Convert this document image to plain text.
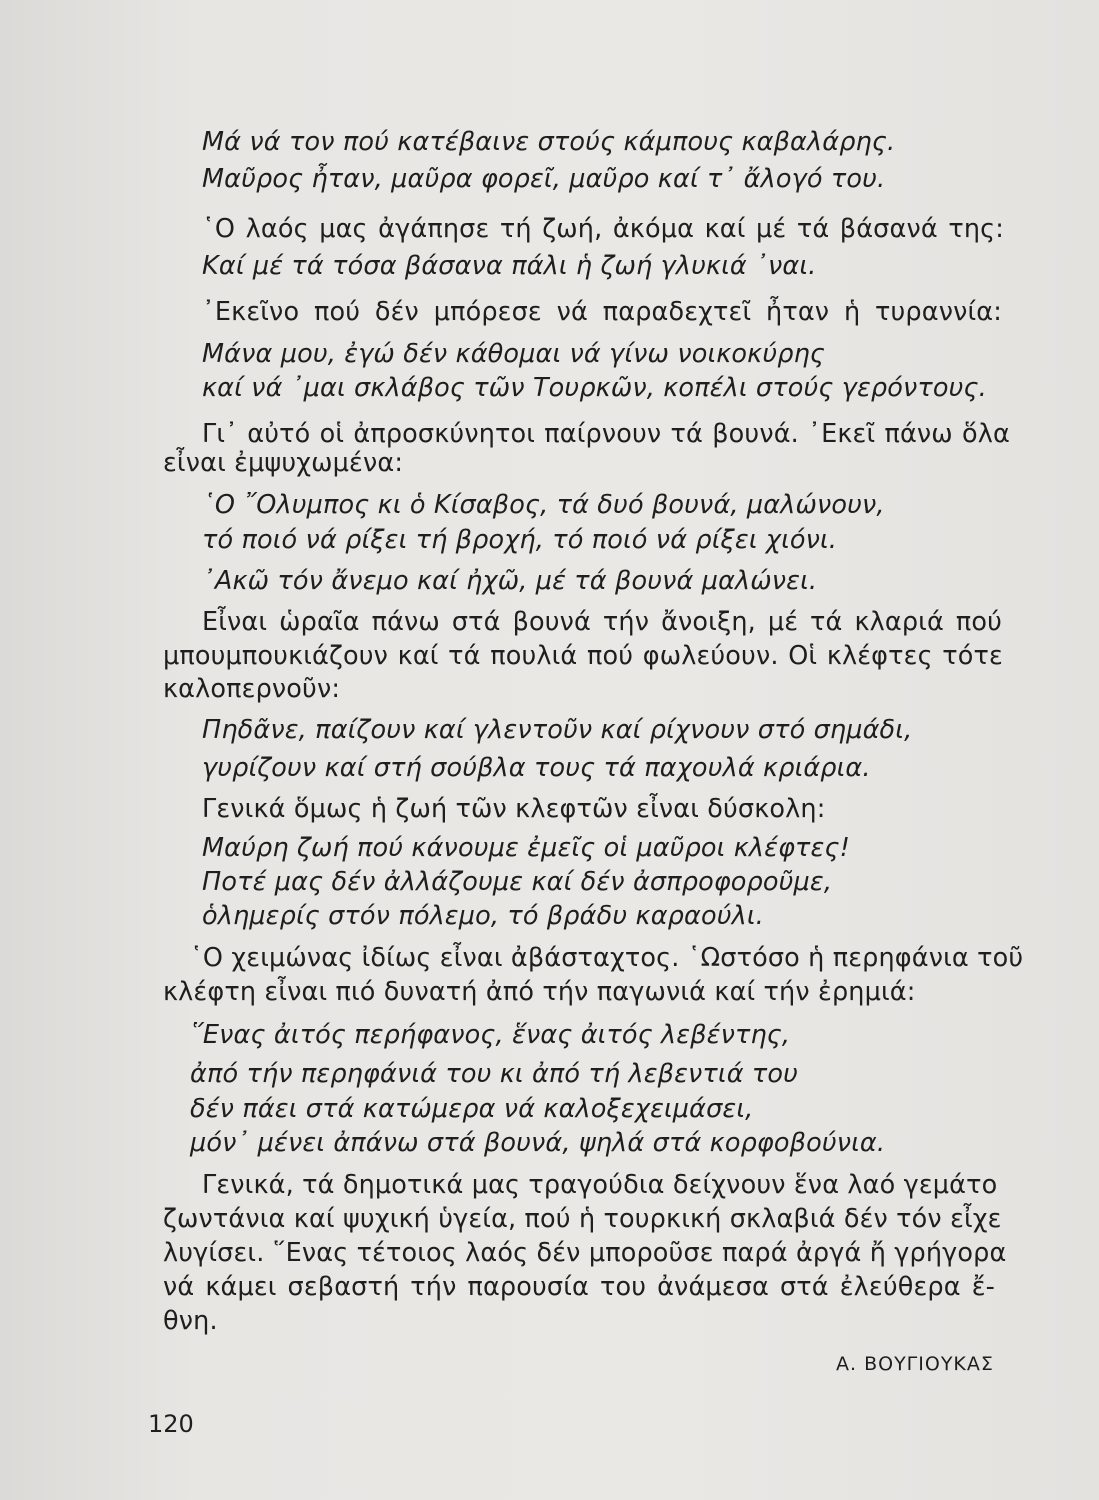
Μά νά τον πού κατέβαινε στούς κάμπους καβαλάρης.
Μαῦρος ἦταν, μαῦρα φορεῖ, μαῦρο καί τ᾽ ἄλογό του.
῾Ο λαός μας ἀγάπησε τή ζωή, ἀκόμα καί μέ τά βάσανά της:
Καί μέ τά τόσα βάσανα πάλι ἡ ζωή γλυκιά ᾽ναι.
᾽Εκεῖνο πού δέν μπόρεσε νά παραδεχτεῖ ἦταν ἡ τυραννία:
Μάνα μου, ἐγώ δέν κάθομαι νά γίνω νοικοκύρης
καί νά ᾽μαι σκλάβος τῶν Τουρκῶν, κοπέλι στούς γερόντους.
Γι᾽ αὐτό οἱ ἀπροσκύνητοι παίρνουν τά βουνά. ᾽Εκεῖ πάνω ὅλα
εἶναι ἐμψυχωμένα:
῾Ο ῎Ολυμπος κι ὁ Κίσαβος, τά δυό βουνά, μαλώνουν,
τό ποιό νά ρίξει τή βροχή, τό ποιό νά ρίξει χιόνι.
᾽Ακῶ τόν ἄνεμο καί ἠχῶ, μέ τά βουνά μαλώνει.
Εἶναι ὡραῖα πάνω στά βουνά τήν ἄνοιξη, μέ τά κλαριά πού
μπουμπουκιάζουν καί τά πουλιά πού φωλεύουν. Οἱ κλέφτες τότε
καλοπερνοῦν:
Πηδᾶνε, παίζουν καί γλεντοῦν καί ρίχνουν στό σημάδι,
γυρίζουν καί στή σούβλα τους τά παχουλά κριάρια.
Γενικά ὅμως ἡ ζωή τῶν κλεφτῶν εἶναι δύσκολη:
Μαύρη ζωή πού κάνουμε ἐμεῖς οἱ μαῦροι κλέφτες!
Ποτέ μας δέν ἀλλάζουμε καί δέν ἀσπροφοροῦμε,
ὁλημερίς στόν πόλεμο, τό βράδυ καραούλι.
῾Ο χειμώνας ἰδίως εἶναι ἀβάσταχτος. ῾Ωστόσο ἡ περηφάνια τοῦ
κλέφτη εἶναι πιό δυνατή ἀπό τήν παγωνιά καί τήν ἐρημιά:
῞Ενας ἀιτός περήφανος, ἕνας ἀιτός λεβέντης,
ἀπό τήν περηφάνιά του κι ἀπό τή λεβεντιά του
δέν πάει στά κατώμερα νά καλοξεχειμάσει,
μόν᾽ μένει ἀπάνω στά βουνά, ψηλά στά κορφοβούνια.
Γενικά, τά δημοτικά μας τραγούδια δείχνουν ἕνα λαό γεμάτο
ζωντάνια καί ψυχική ὑγεία, πού ἡ τουρκική σκλαβιά δέν τόν εἶχε
λυγίσει. ῞Ενας τέτοιος λαός δέν μποροῦσε παρά ἀργά ἤ γρήγορα
νά κάμει σεβαστή τήν παρουσία του ἀνάμεσα στά ἐλεύθερα ἔ-
θνη.
Α. ΒΟΥΓΙΟΥΚΑΣ
120
